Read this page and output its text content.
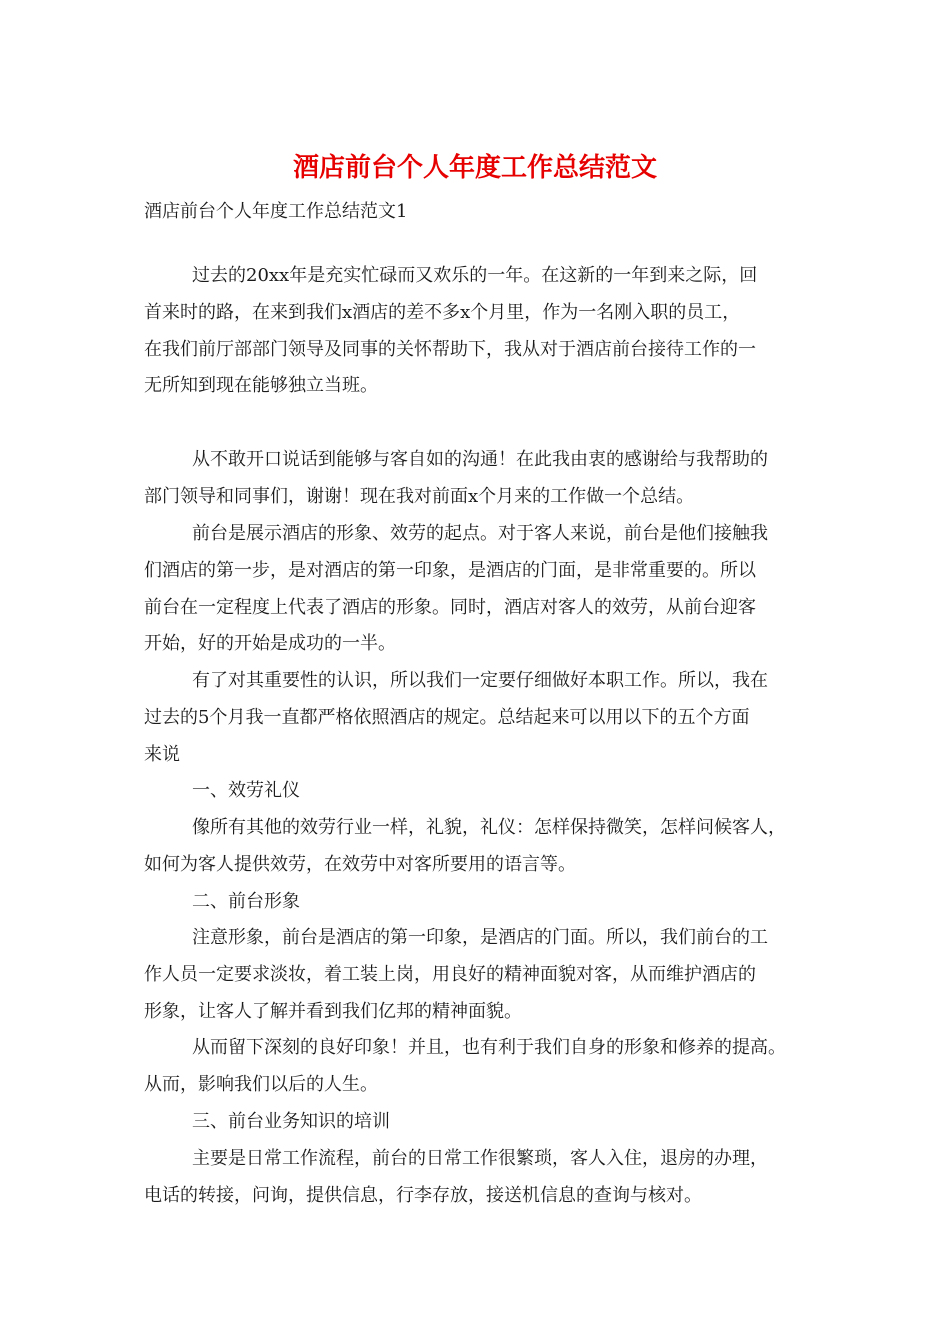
酒店前台个人年度工作总结范文

酒店前台个人年度工作总结范文1

过去的20xx年是充实忙碌而又欢乐的一年。在这新的一年到来之际，回
首来时的路，在来到我们x酒店的差不多x个月里，作为一名刚入职的员工，
在我们前厅部部门领导及同事的关怀帮助下，我从对于酒店前台接待工作的一
无所知到现在能够独立当班。
从不敢开口说话到能够与客自如的沟通！在此我由衷的感谢给与我帮助的
部门领导和同事们，谢谢！现在我对前面x个月来的工作做一个总结。
前台是展示酒店的形象、效劳的起点。对于客人来说，前台是他们接触我
们酒店的第一步，是对酒店的第一印象，是酒店的门面，是非常重要的。所以
前台在一定程度上代表了酒店的形象。同时，酒店对客人的效劳，从前台迎客
开始，好的开始是成功的一半。
有了对其重要性的认识，所以我们一定要仔细做好本职工作。所以，我在
过去的5个月我一直都严格依照酒店的规定。总结起来可以用以下的五个方面
来说
一、效劳礼仪
像所有其他的效劳行业一样，礼貌，礼仪：怎样保持微笑，怎样问候客人，
如何为客人提供效劳，在效劳中对客所要用的语言等。
二、前台形象
注意形象，前台是酒店的第一印象，是酒店的门面。所以，我们前台的工
作人员一定要求淡妆，着工装上岗，用良好的精神面貌对客，从而维护酒店的
形象，让客人了解并看到我们亿邦的精神面貌。
从而留下深刻的良好印象！并且，也有利于我们自身的形象和修养的提高。
从而，影响我们以后的人生。
三、前台业务知识的培训
主要是日常工作流程，前台的日常工作很繁琐，客人入住，退房的办理，
电话的转接，问询，提供信息，行李存放，接送机信息的查询与核对。
